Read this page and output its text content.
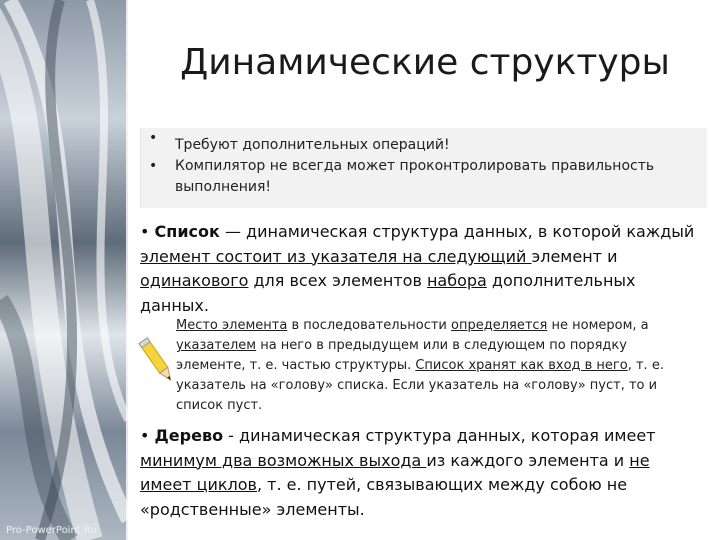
Pro-PowerPoint.Ru
Динамические структуры
• Требуют дополнительных операций!
• Компилятор не всегда может проконтролировать правильность
выполнения!
• Список — динамическая структура данных, в которой каждый элемент состоит из указателя на следующий элемент и одинакового для всех элементов набора дополнительных данных.
Место элемента в последовательности определяется не номером, а указателем на него в предыдущем или в следующем по порядку элементе, т. е. частью структуры. Список хранят как вход в него, т. е. указатель на «голову» списка. Если указатель на «голову» пуст, то и список пуст.
• Дерево - динамическая структура данных, которая имеет минимум два возможных выхода из каждого элемента и не имеет циклов, т. е. путей, связывающих между собою не «родственные» элементы.
